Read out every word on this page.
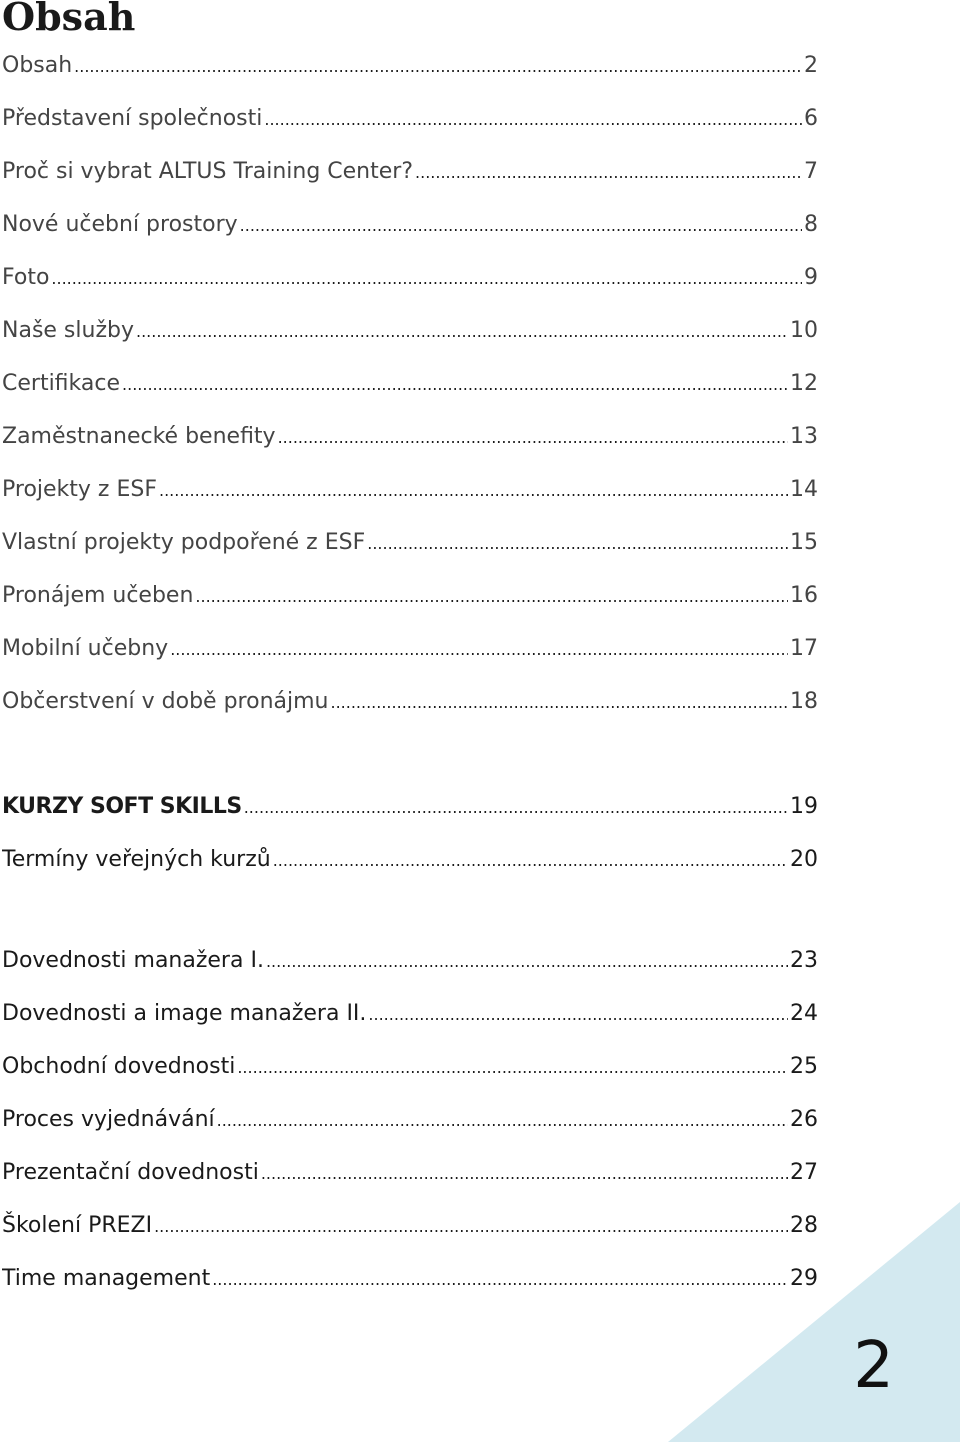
Obsah
Obsah .....	2
Představení společnosti .....	6
Proč si vybrat ALTUS Training Center? .....	7
Nové učební prostory .....	8
Foto .....	9
Naše služby .....	10
Certifikace .....	12
Zaměstnanecké benefity .....	13
Projekty z ESF .....	14
Vlastní projekty podpořené z ESF .....	15
Pronájem učeben .....	16
Mobilní učebny .....	17
Občerstvení v době pronájmu .....	18
KURZY SOFT SKILLS .....	19
Termíny veřejných kurzů .....	20
Dovednosti manažera I. .....	23
Dovednosti a image manažera II. .....	24
Obchodní dovednosti .....	25
Proces vyjednávání .....	26
Prezentační dovednosti .....	27
Školení PREZI .....	28
Time management .....	29
2
